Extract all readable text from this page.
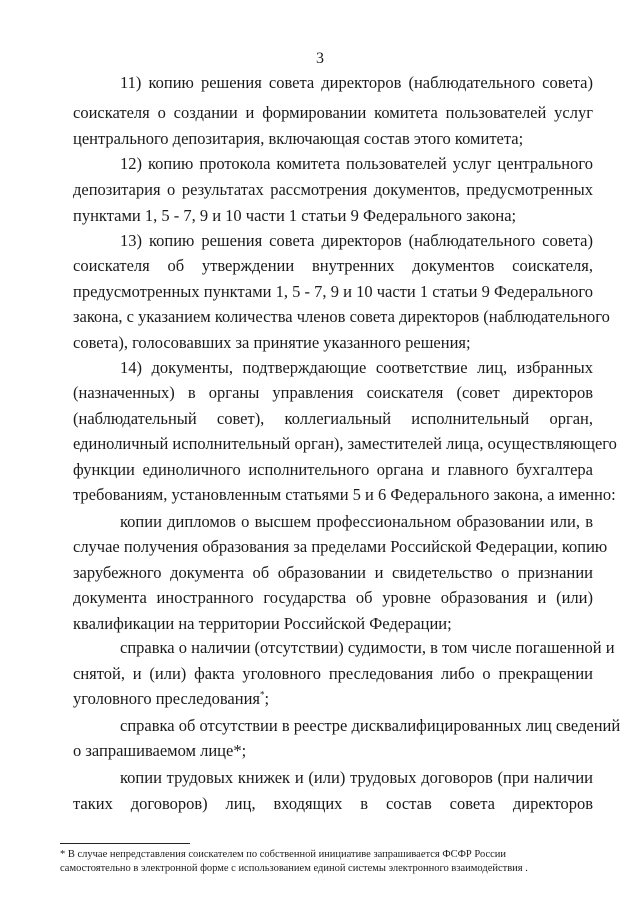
3
11) копию решения совета директоров (наблюдательного совета)
соискателя о создании и формировании комитета пользователей услуг
центрального депозитария, включающая состав этого комитета;
12) копию протокола комитета пользователей услуг центрального
депозитария о результатах рассмотрения документов, предусмотренных
пунктами 1, 5 - 7, 9 и 10 части 1 статьи 9 Федерального закона;
13) копию решения совета директоров (наблюдательного совета)
соискателя об утверждении внутренних документов соискателя,
предусмотренных пунктами 1, 5 - 7, 9 и 10 части 1 статьи 9 Федерального
закона, с указанием количества членов совета директоров (наблюдательного
совета), голосовавших за принятие указанного решения;
14) документы, подтверждающие соответствие лиц, избранных
(назначенных) в органы управления соискателя (совет директоров
(наблюдательный совет), коллегиальный исполнительный орган,
единоличный исполнительный орган), заместителей лица, осуществляющего
функции единоличного исполнительного органа и главного бухгалтера
требованиям, установленным статьями 5 и 6 Федерального закона, а именно:
копии дипломов о высшем профессиональном образовании или, в
случае получения образования за пределами Российской Федерации, копию
зарубежного документа об образовании и свидетельство о признании
документа иностранного государства об уровне образования и (или)
квалификации на территории Российской Федерации;
справка о наличии (отсутствии) судимости, в том числе погашенной и
снятой, и (или) факта уголовного преследования либо о прекращении
уголовного преследования*;
справка об отсутствии в реестре дисквалифицированных лиц сведений
о запрашиваемом лице*;
копии трудовых книжек и (или) трудовых договоров (при наличии
таких договоров) лиц, входящих в состав совета директоров
* В случае непредставления соискателем по собственной инициативе запрашивается ФСФР России
самостоятельно в электронной форме с использованием единой системы электронного взаимодействия .
